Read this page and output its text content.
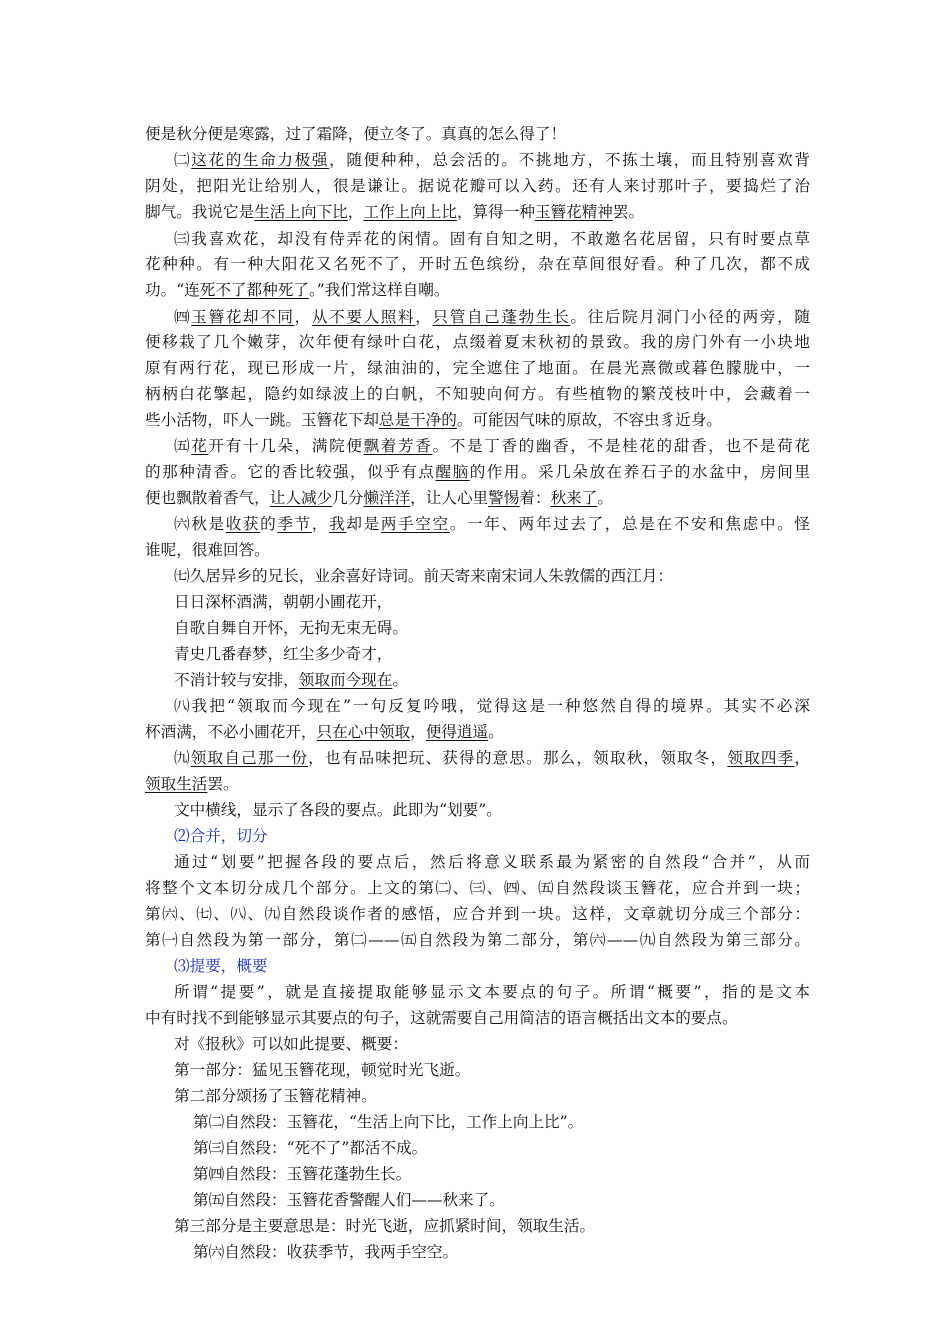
便是秋分便是寒露，过了霜降，便立冬了。真真的怎么得了！
㈡这花的生命力极强，随便种种，总会活的。不挑地方，不拣土壤，而且特别喜欢背
阴处，把阳光让给别人，很是谦让。据说花瓣可以入药。还有人来讨那叶子，要捣烂了治
脚气。我说它是生活上向下比，工作上向上比，算得一种玉簪花精神罢。
㈢我喜欢花，却没有侍弄花的闲情。固有自知之明，不敢邀名花居留，只有时要点草
花种种。有一种大阳花又名死不了，开时五色缤纷，杂在草间很好看。种了几次，都不成
功。“连死不了都种死了。”我们常这样自嘲。
㈣玉簪花却不同，从不要人照料，只管自己蓬勃生长。往后院月洞门小径的两旁，随
便移栽了几个嫩芽，次年便有绿叶白花，点缀着夏末秋初的景致。我的房门外有一小块地
原有两行花，现已形成一片，绿油油的，完全遮住了地面。在晨光熹微或暮色朦胧中，一
柄柄白花擎起，隐约如绿波上的白帆，不知驶向何方。有些植物的繁茂枝叶中，会藏着一
些小活物，吓人一跳。玉簪花下却总是干净的。可能因气味的原故，不容虫豸近身。
㈤花开有十几朵，满院便飘着芳香。不是丁香的幽香，不是桂花的甜香，也不是荷花
的那种清香。它的香比较强，似乎有点醒脑的作用。采几朵放在养石子的水盆中，房间里
便也飘散着香气，让人减少几分懒洋洋，让人心里警惕着：秋来了。
㈥秋是收获的季节，我却是两手空空。一年、两年过去了，总是在不安和焦虑中。怪
谁呢，很难回答。
㈦久居异乡的兄长，业余喜好诗词。前天寄来南宋词人朱敦儒的西江月：
日日深杯酒满，朝朝小圃花开，
自歌自舞自开怀，无拘无束无碍。
青史几番春梦，红尘多少奇才，
不消计较与安排，领取而今现在。
㈧我把“领取而今现在”一句反复吟哦，觉得这是一种悠然自得的境界。其实不必深
杯酒满，不必小圃花开，只在心中领取，便得逍遥。
㈨领取自己那一份，也有品味把玩、获得的意思。那么，领取秋，领取冬，领取四季，
领取生活罢。
文中横线，显示了各段的要点。此即为“划要”。
⑵合并，切分
通过“划要”把握各段的要点后，然后将意义联系最为紧密的自然段“合并”，从而
将整个文本切分成几个部分。上文的第㈡、㈢、㈣、㈤自然段谈玉簪花，应合并到一块；
第㈥、㈦、㈧、㈨自然段谈作者的感悟，应合并到一块。这样，文章就切分成三个部分：
第㈠自然段为第一部分，第㈡——㈤自然段为第二部分，第㈥——㈨自然段为第三部分。
⑶提要，概要
所谓“提要”，就是直接提取能够显示文本要点的句子。所谓“概要”，指的是文本
中有时找不到能够显示其要点的句子，这就需要自己用简洁的语言概括出文本的要点。
对《报秋》可以如此提要、概要：
第一部分：猛见玉簪花现，顿觉时光飞逝。
第二部分颂扬了玉簪花精神。
第㈡自然段：玉簪花，“生活上向下比，工作上向上比”。
第㈢自然段：“死不了”都活不成。
第㈣自然段：玉簪花蓬勃生长。
第㈤自然段：玉簪花香警醒人们——秋来了。
第三部分是主要意思是：时光飞逝，应抓紧时间，领取生活。
第㈥自然段：收获季节，我两手空空。
